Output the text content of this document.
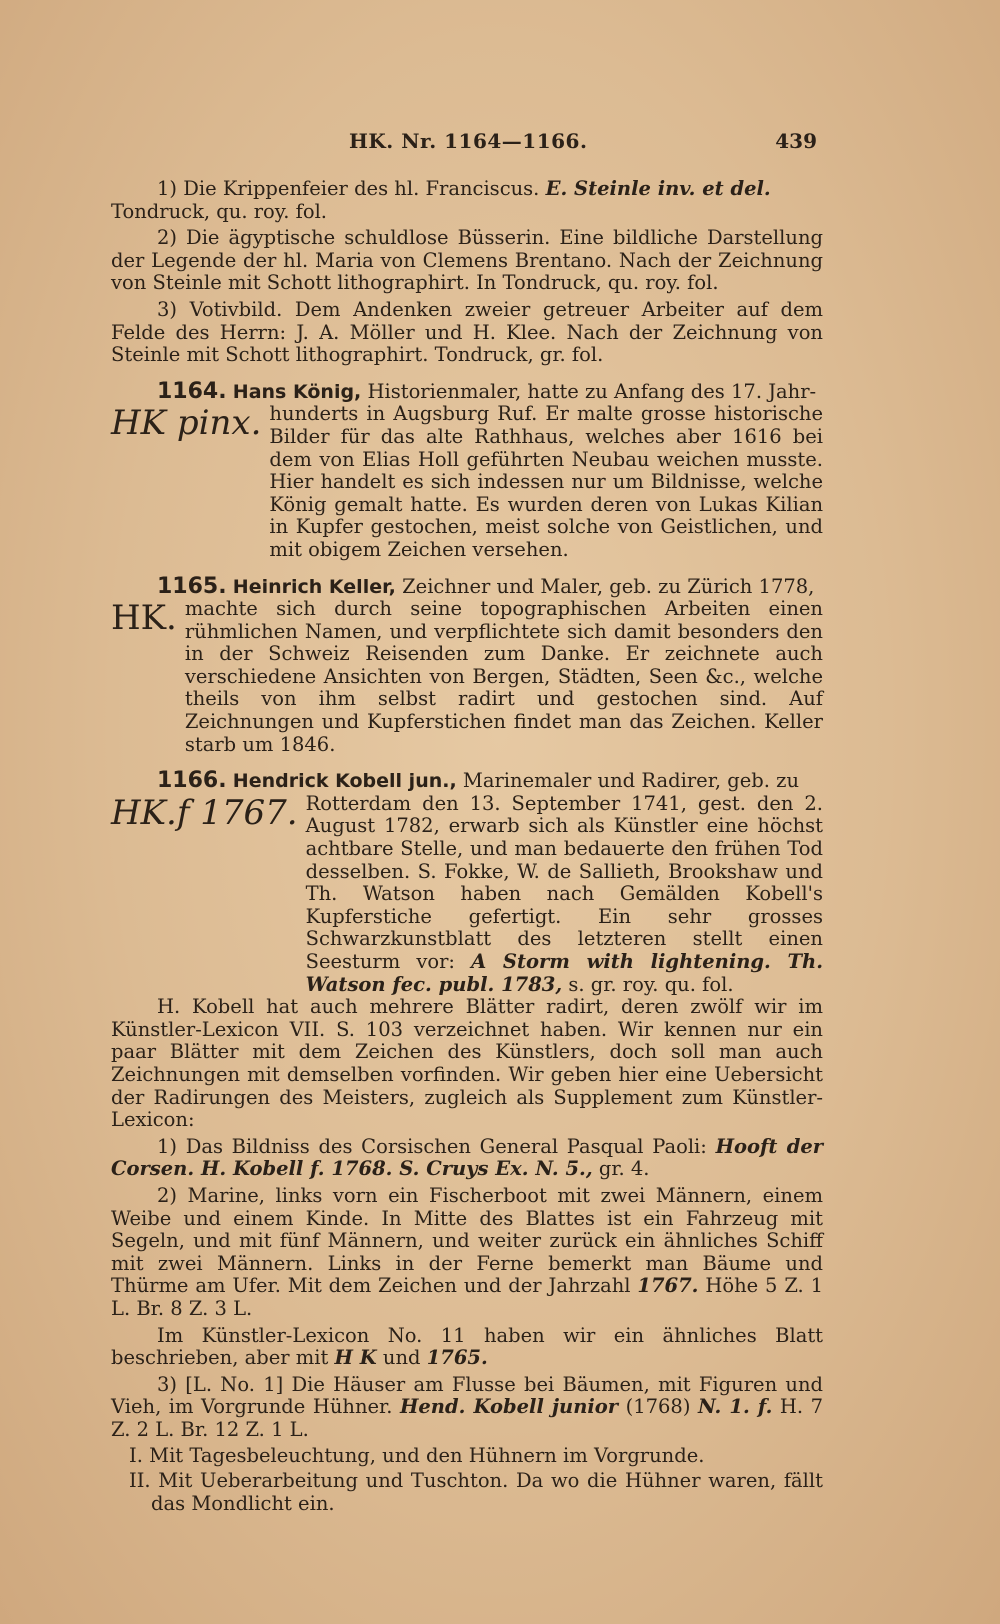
HK. Nr. 1164—1166.	439

1) Die Krippenfeier des hl. Franciscus. E. Steinle inv. et del.

Tondruck, qu. roy. fol.

2) Die ägyptische schuldlose Büsserin. Eine bildliche Darstellung der Legende der hl. Maria von Clemens Brentano. Nach der Zeichnung von Steinle mit Schott lithographirt. In Tondruck, qu. roy. fol.

3) Votivbild. Dem Andenken zweier getreuer Arbeiter auf dem Felde des Herrn: J. A. Möller und H. Klee. Nach der Zeichnung von Steinle mit Schott lithographirt. Tondruck, gr. fol.

1164. Hans König, Historienmaler, hatte zu Anfang des 17. Jahr-

HK pinx. hunderts in Augsburg Ruf. Er malte grosse historische Bilder für das alte Rathhaus, welches aber 1616 bei dem von Elias Holl geführten Neubau weichen musste. Hier handelt es sich indessen nur um Bildnisse, welche König gemalt hatte. Es wurden deren von Lukas Kilian in Kupfer gestochen, meist solche von Geistlichen, und mit obigem Zeichen versehen.

1165. Heinrich Keller, Zeichner und Maler, geb. zu Zürich 1778,

HK. machte sich durch seine topographischen Arbeiten einen rühmlichen Namen, und verpflichtete sich damit besonders den in der Schweiz Reisenden zum Danke. Er zeichnete auch verschiedene Ansichten von Bergen, Städten, Seen &c., welche theils von ihm selbst radirt und gestochen sind. Auf Zeichnungen und Kupferstichen findet man das Zeichen. Keller starb um 1846.

1166. Hendrick Kobell jun., Marinemaler und Radirer, geb. zu

HK.f 1767. Rotterdam den 13. September 1741, gest. den 2. August 1782, erwarb sich als Künstler eine höchst achtbare Stelle, und man bedauerte den frühen Tod desselben. S. Fokke, W. de Sallieth, Brookshaw und Th. Watson haben nach Gemälden Kobell's Kupferstiche gefertigt. Ein sehr grosses Schwarzkunstblatt des letzteren stellt einen Seesturm vor: A Storm with lightening. Th. Watson fec. publ. 1783, s. gr. roy. qu. fol.

H. Kobell hat auch mehrere Blätter radirt, deren zwölf wir im Künstler-Lexicon VII. S. 103 verzeichnet haben. Wir kennen nur ein paar Blätter mit dem Zeichen des Künstlers, doch soll man auch Zeichnungen mit demselben vorfinden. Wir geben hier eine Uebersicht der Radirungen des Meisters, zugleich als Supplement zum Künstler-Lexicon:

1) Das Bildniss des Corsischen General Pasqual Paoli: Hooft der Corsen. H. Kobell f. 1768. S. Cruys Ex. N. 5., gr. 4.

2) Marine, links vorn ein Fischerboot mit zwei Männern, einem Weibe und einem Kinde. In Mitte des Blattes ist ein Fahrzeug mit Segeln, und mit fünf Männern, und weiter zurück ein ähnliches Schiff mit zwei Männern. Links in der Ferne bemerkt man Bäume und Thürme am Ufer. Mit dem Zeichen und der Jahrzahl 1767. Höhe 5 Z. 1 L. Br. 8 Z. 3 L.

Im Künstler-Lexicon No. 11 haben wir ein ähnliches Blatt beschrieben, aber mit H K und 1765.

3) [L. No. 1] Die Häuser am Flusse bei Bäumen, mit Figuren und Vieh, im Vorgrunde Hühner. Hend. Kobell junior (1768) N. 1. f. H. 7 Z. 2 L. Br. 12 Z. 1 L.

I. Mit Tagesbeleuchtung, und den Hühnern im Vorgrunde.

II. Mit Ueberarbeitung und Tuschton. Da wo die Hühner waren, fällt das Mondlicht ein.
